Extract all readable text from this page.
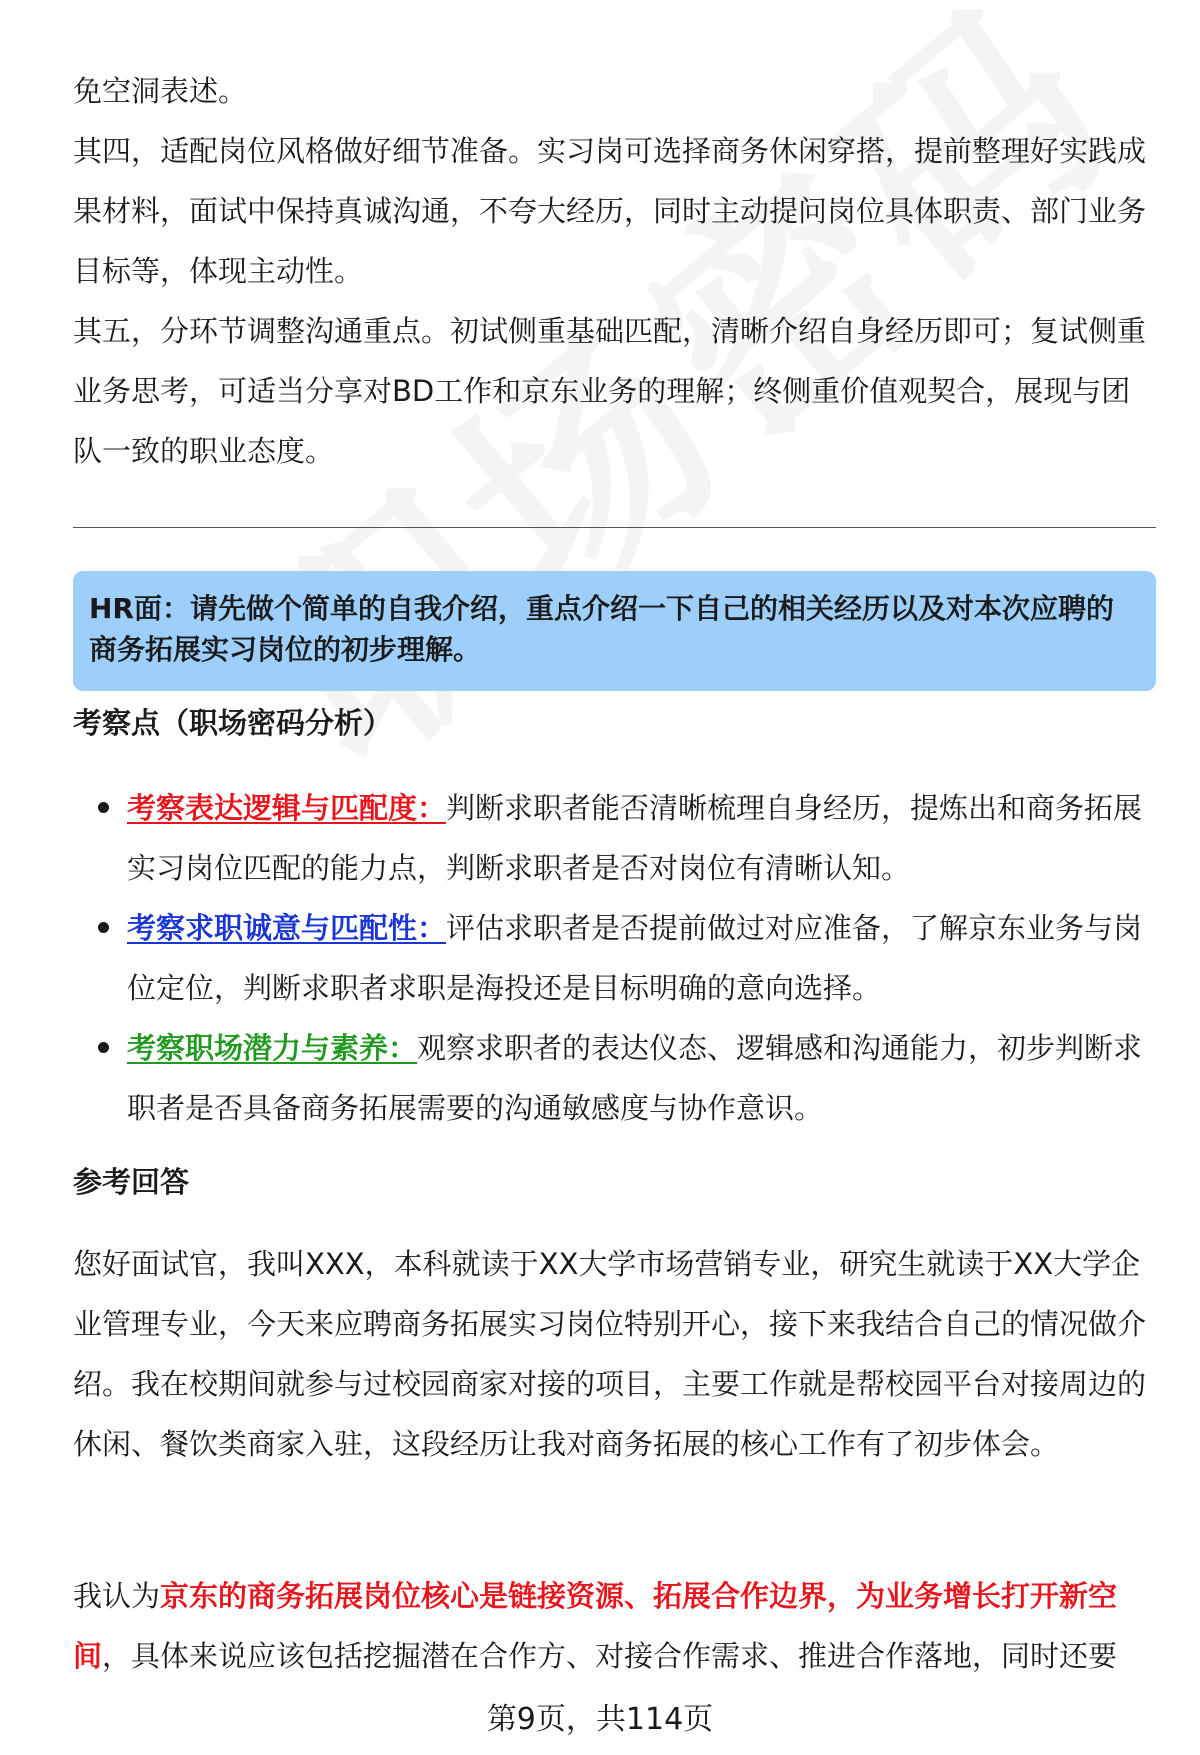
免空洞表述。

其四，适配岗位风格做好细节准备。实习岗可选择商务休闲穿搭，提前整理好实践成果材料，面试中保持真诚沟通，不夸大经历，同时主动提问岗位具体职责、部门业务目标等，体现主动性。

其五，分环节调整沟通重点。初试侧重基础匹配，清晰介绍自身经历即可；复试侧重业务思考，可适当分享对BD工作和京东业务的理解；终侧重价值观契合，展现与团队一致的职业态度。

HR面：请先做个简单的自我介绍，重点介绍一下自己的相关经历以及对本次应聘的商务拓展实习岗位的初步理解。
考察点（职场密码分析）
考察表达逻辑与匹配度：判断求职者能否清晰梳理自身经历，提炼出和商务拓展实习岗位匹配的能力点，判断求职者是否对岗位有清晰认知。
考察求职诚意与匹配性：评估求职者是否提前做过对应准备，了解京东业务与岗位定位，判断求职者求职是海投还是目标明确的意向选择。
考察职场潜力与素养：观察求职者的表达仪态、逻辑感和沟通能力，初步判断求职者是否具备商务拓展需要的沟通敏感度与协作意识。
参考回答

您好面试官，我叫XXX，本科就读于XX大学市场营销专业，研究生就读于XX大学企业管理专业，今天来应聘商务拓展实习岗位特别开心，接下来我结合自己的情况做介绍。我在校期间就参与过校园商家对接的项目，主要工作就是帮校园平台对接周边的休闲、餐饮类商家入驻，这段经历让我对商务拓展的核心工作有了初步体会。

我认为京东的商务拓展岗位核心是链接资源、拓展合作边界，为业务增长打开新空间，具体来说应该包括挖掘潜在合作方、对接合作需求、推进合作落地，同时还要

第9页，共114页
